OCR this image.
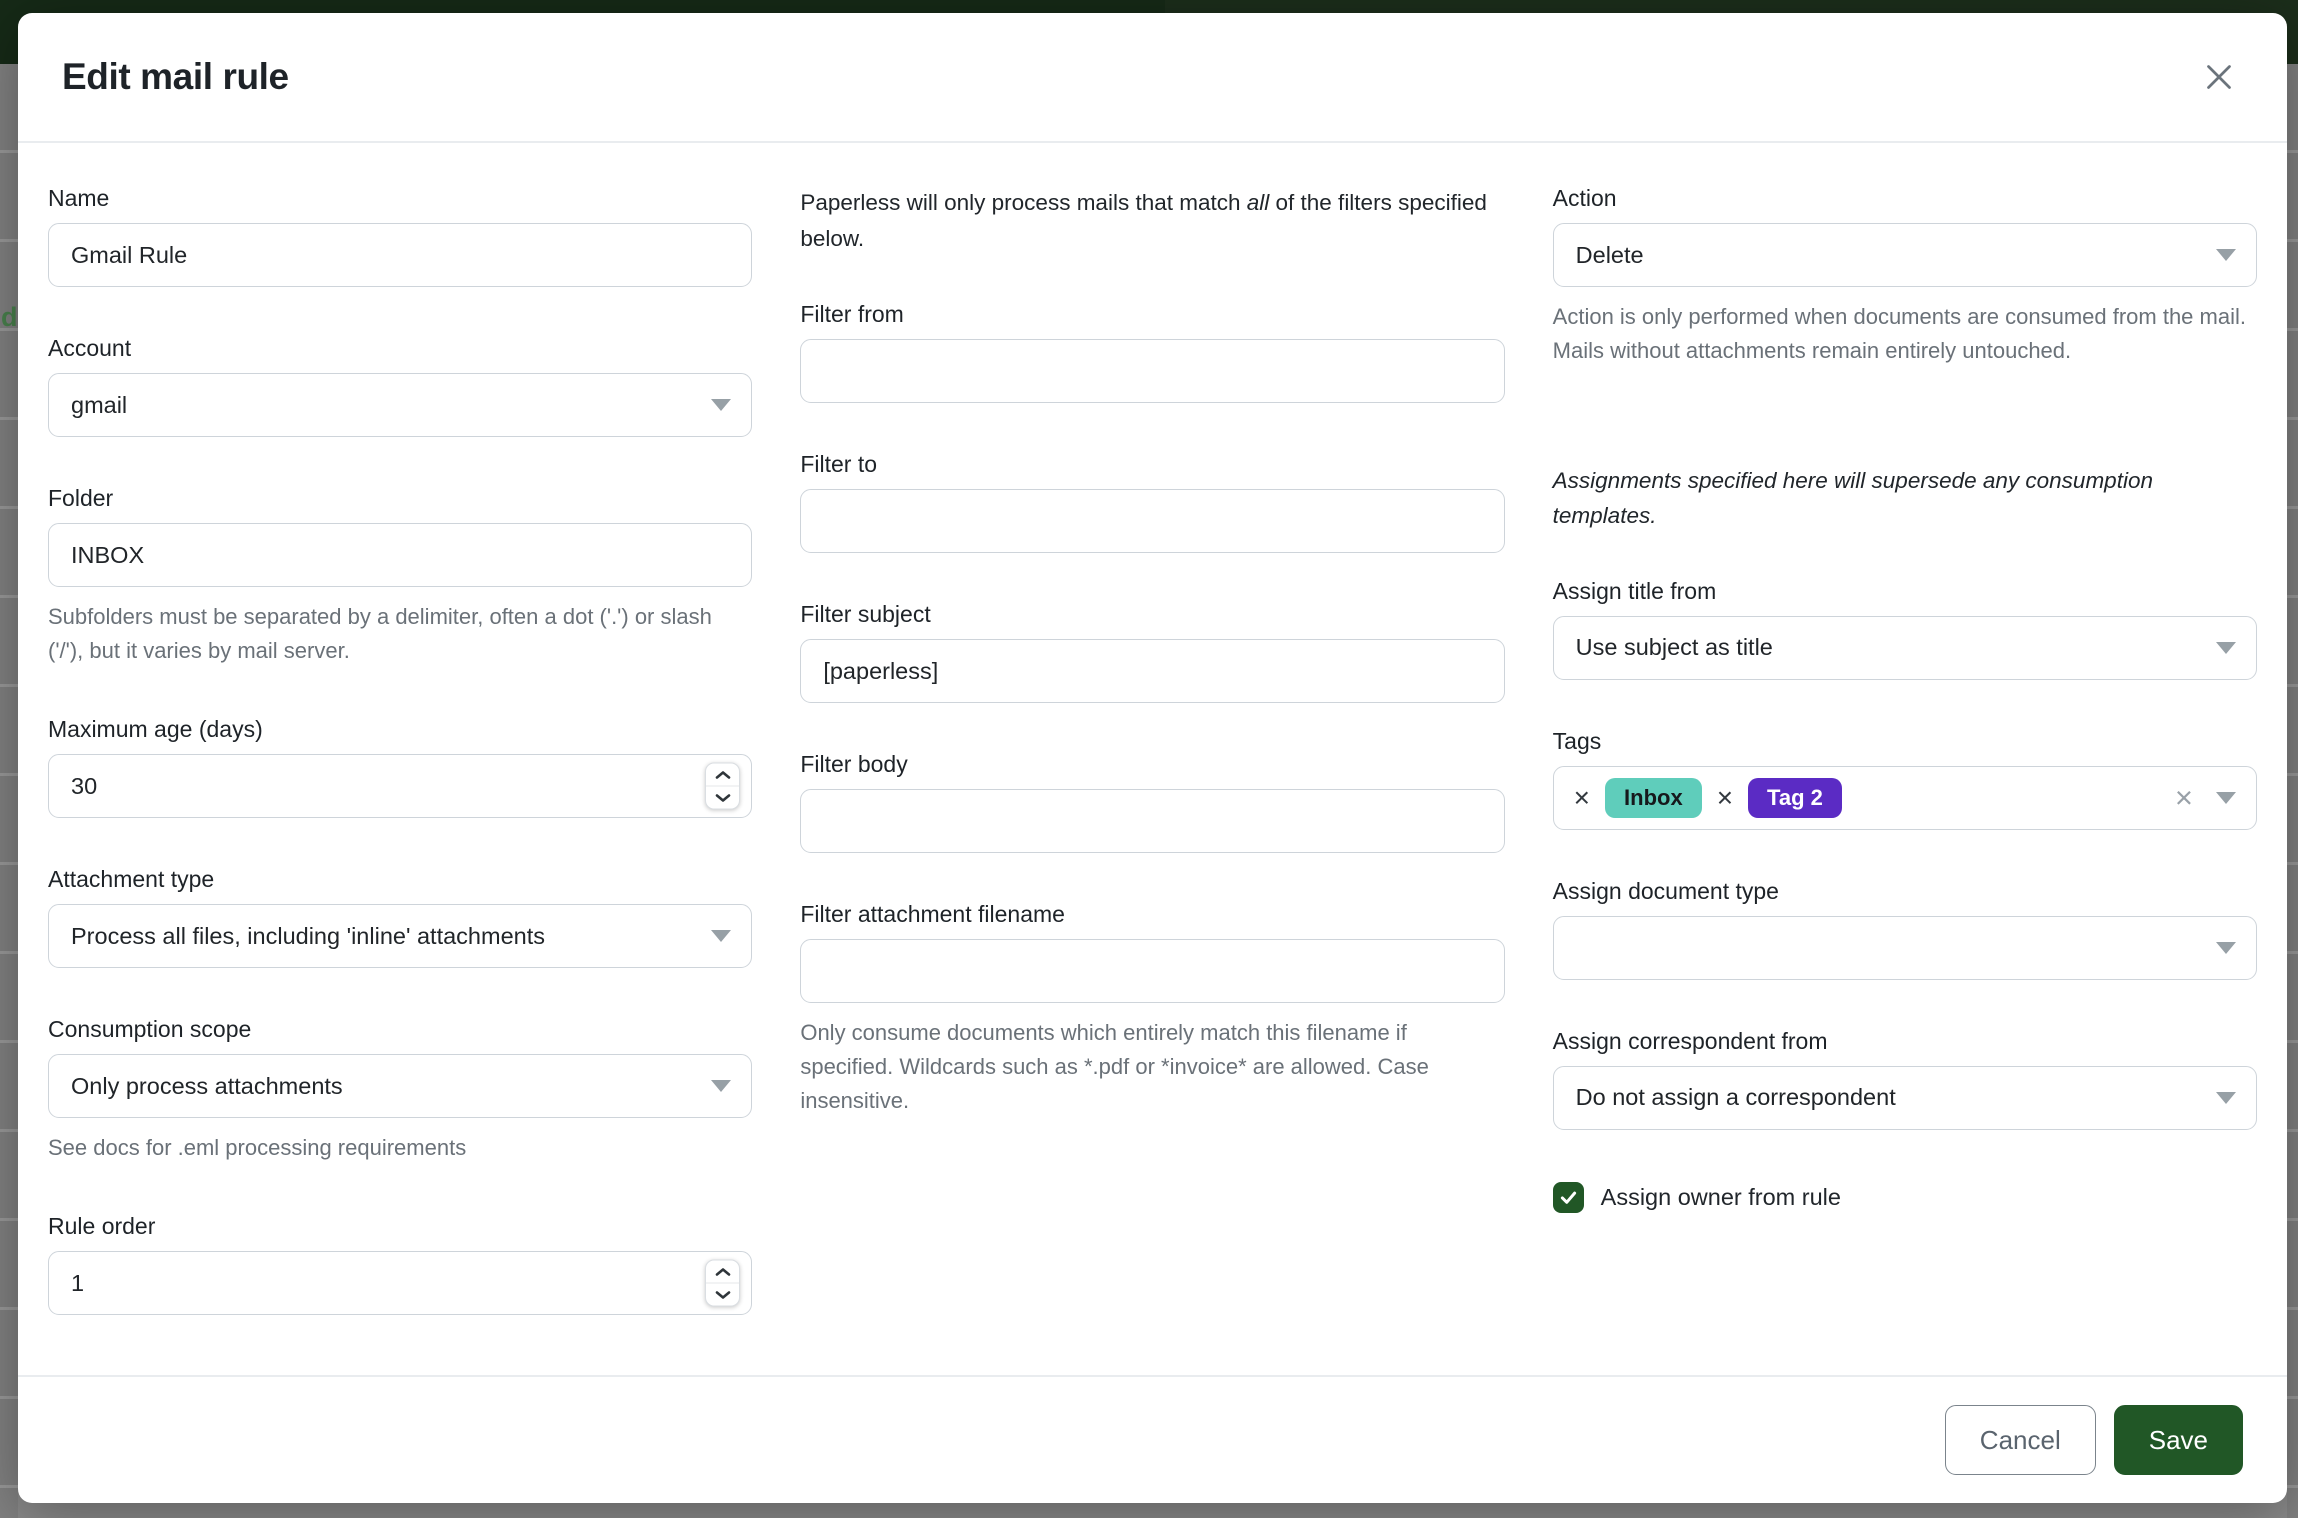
d
Edit mail rule
Name
Gmail Rule
Account
gmail
Folder
INBOX
Subfolders must be separated by a delimiter, often a dot ('.') or slash ('/'), but it varies by mail server.
Maximum age (days)
30
Attachment type
Process all files, including 'inline' attachments
Consumption scope
Only process attachments
See docs for .eml processing requirements
Rule order
1

Paperless will only process mails that match all of the filters specified below.

Filter from
Filter to
Filter subject
[paperless]
Filter body
Filter attachment filename
Only consume documents which entirely match this filename if specified. Wildcards such as *.pdf or *invoice* are allowed. Case insensitive.
Action
Delete
Action is only performed when documents are consumed from the mail. Mails without attachments remain entirely untouched.

Assignments specified here will supersede any consumption templates.

Assign title from
Use subject as title
Tags
×	Inbox	×	Tag 2	×
Assign document type
Assign correspondent from
Do not assign a correspondent
Assign owner from rule
Cancel	Save
